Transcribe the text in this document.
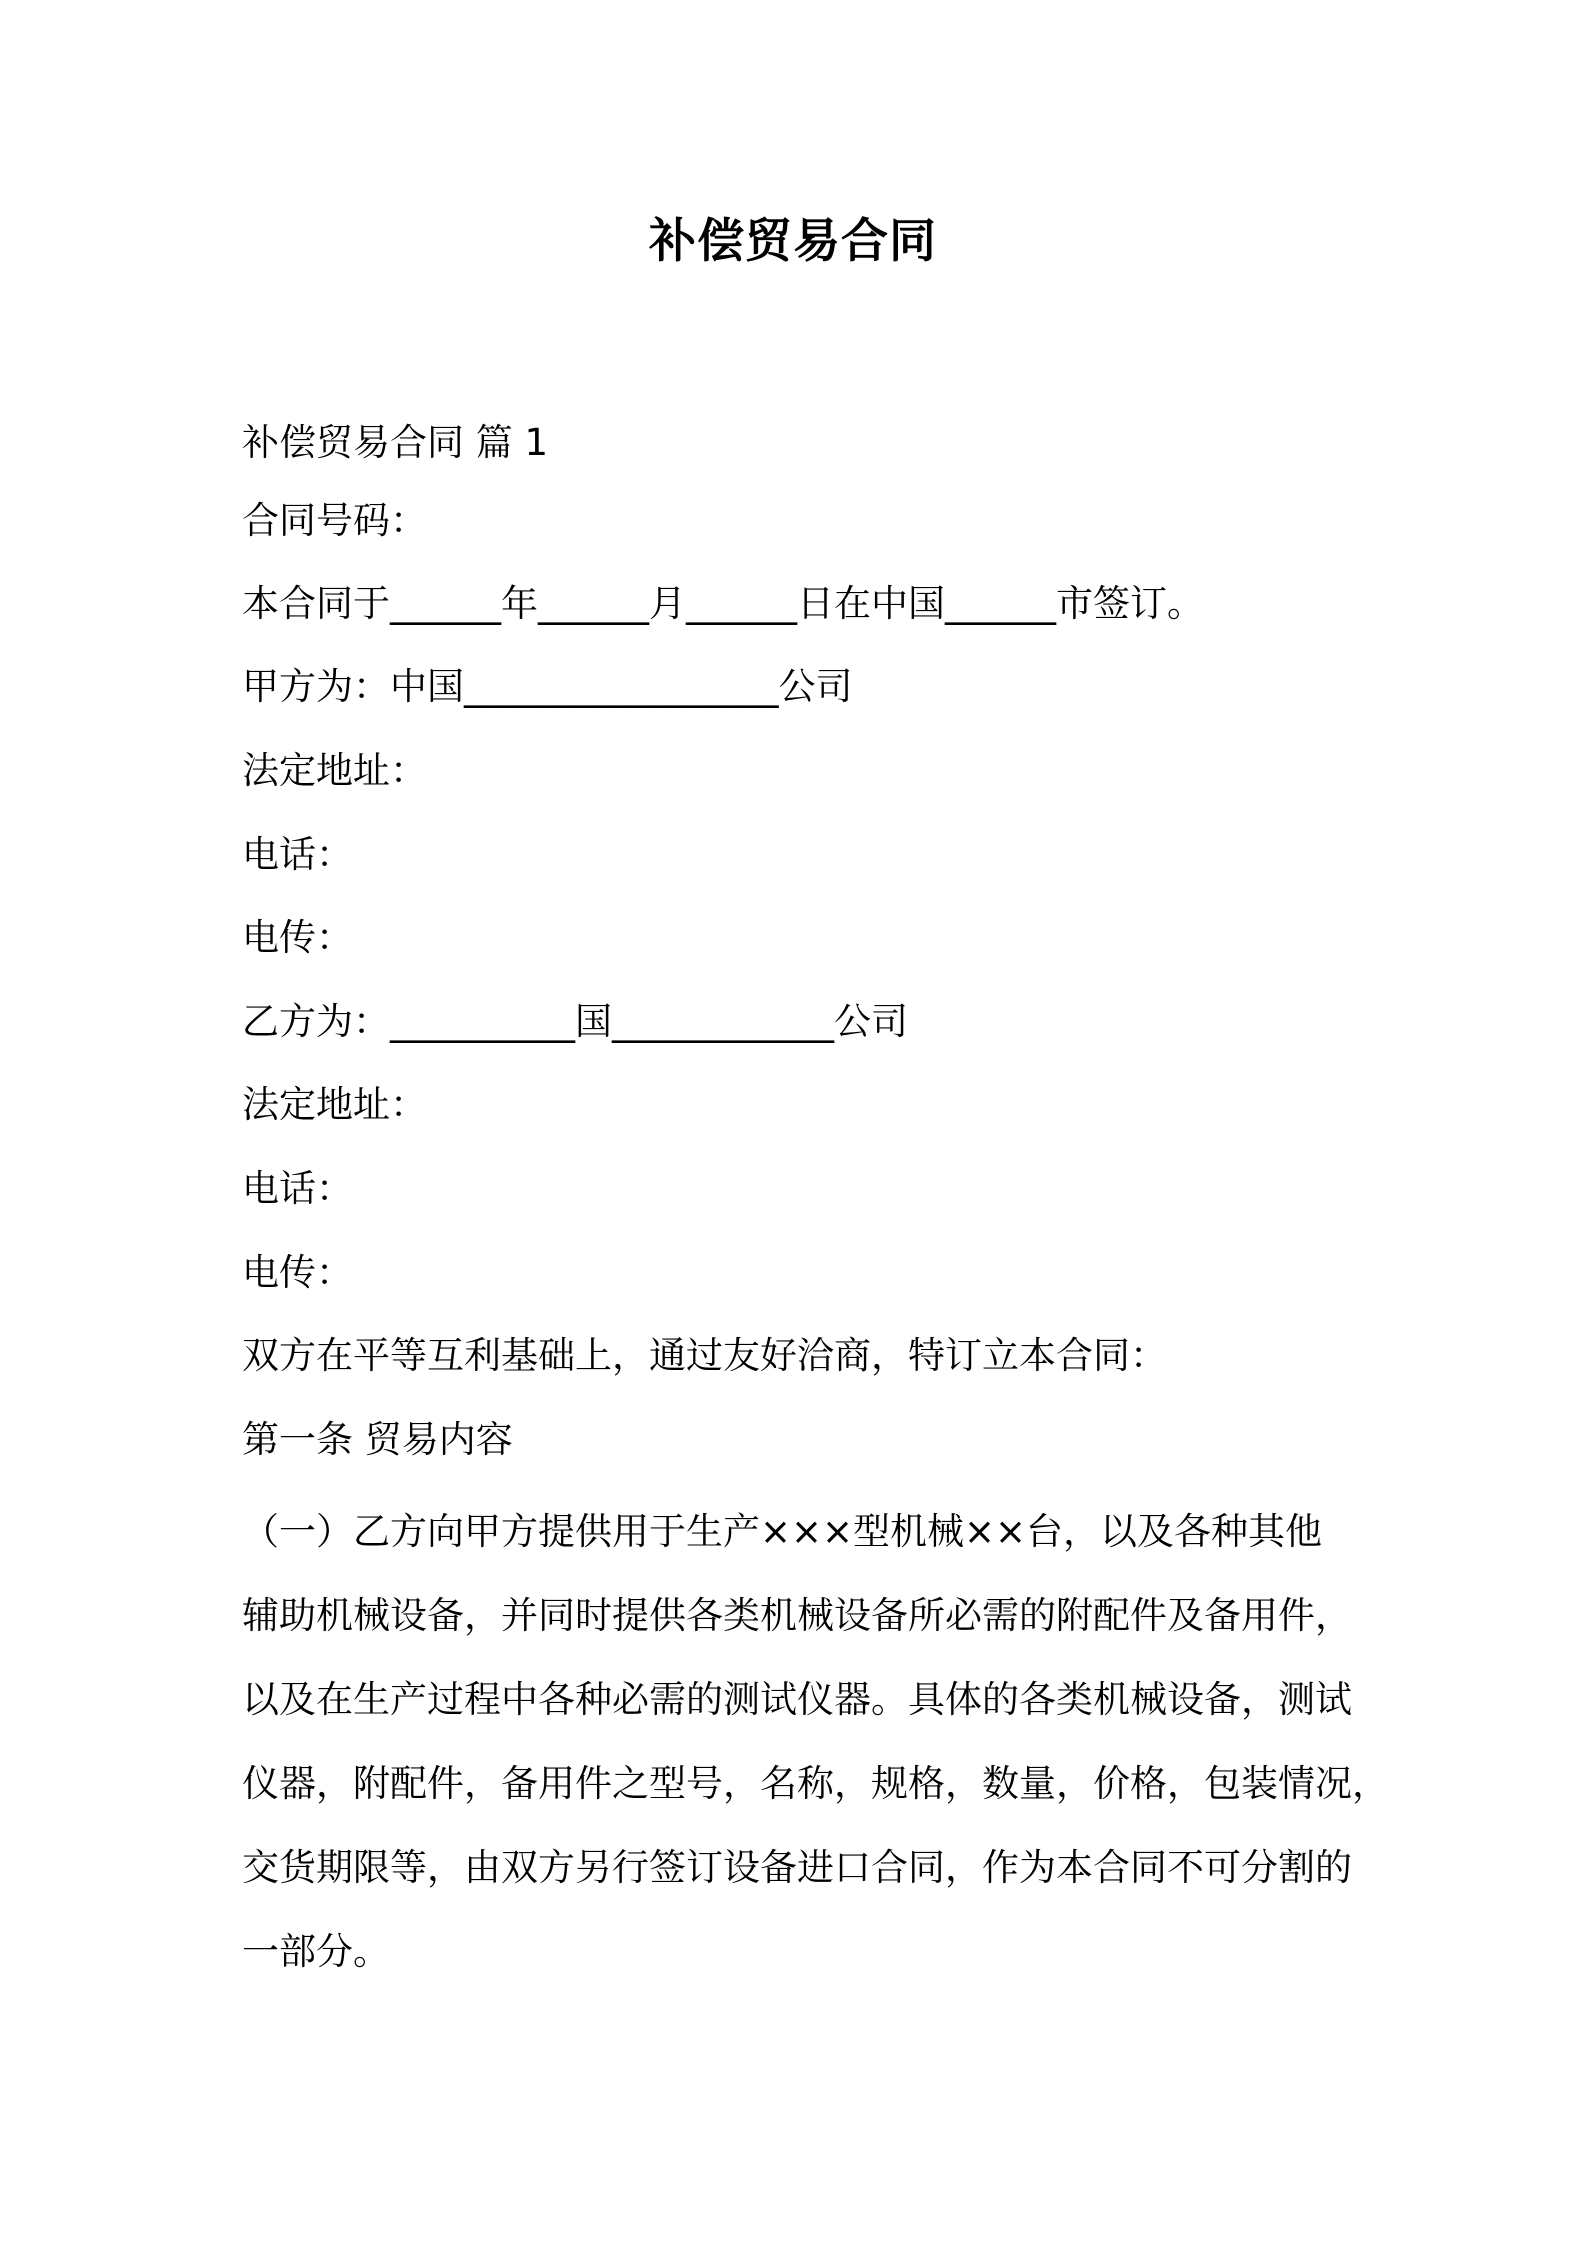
补偿贸易合同
补偿贸易合同 篇 1
合同号码：
本合同于______年______月______日在中国______市签订。
甲方为：中国_________________公司
法定地址：
电话：
电传：
乙方为：__________国____________公司
法定地址：
电话：
电传：
双方在平等互利基础上，通过友好洽商，特订立本合同：
第一条 贸易内容
（一）乙方向甲方提供用于生产×××型机械××台，以及各种其他
辅助机械设备，并同时提供各类机械设备所必需的附配件及备用件，
以及在生产过程中各种必需的测试仪器。具体的各类机械设备，测试
仪器，附配件，备用件之型号，名称，规格，数量，价格，包装情况，
交货期限等，由双方另行签订设备进口合同，作为本合同不可分割的
一部分。
